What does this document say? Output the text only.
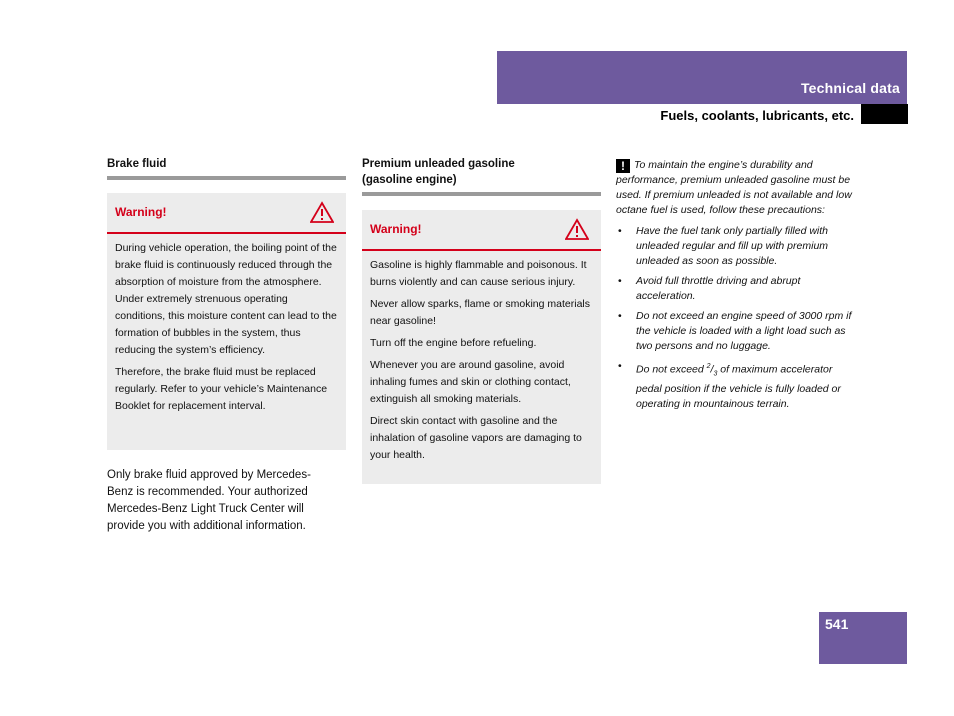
Technical data
Fuels, coolants, lubricants, etc.
Brake fluid
Warning!

During vehicle operation, the boiling point of the brake fluid is continuously reduced through the absorption of moisture from the atmosphere. Under extremely strenuous operating conditions, this moisture content can lead to the formation of bubbles in the system, thus reducing the system’s efficiency.

Therefore, the brake fluid must be replaced regularly. Refer to your vehicle’s Maintenance Booklet for replacement interval.

Only brake fluid approved by Mercedes-Benz is recommended. Your authorized Mercedes-Benz Light Truck Center will provide you with additional information.
Premium unleaded gasoline
(gasoline engine)
Warning!

Gasoline is highly flammable and poisonous. It burns violently and can cause serious injury.

Never allow sparks, flame or smoking materials near gasoline!

Turn off the engine before refueling.

Whenever you are around gasoline, avoid inhaling fumes and skin or clothing contact, extinguish all smoking materials.

Direct skin contact with gasoline and the inhalation of gasoline vapors are damaging to your health.

! To maintain the engine’s durability and performance, premium unleaded gasoline must be used. If premium unleaded is not available and low octane fuel is used, follow these precautions:
• Have the fuel tank only partially filled with unleaded regular and fill up with premium unleaded as soon as possible.
• Avoid full throttle driving and abrupt acceleration.
• Do not exceed an engine speed of 3000 rpm if the vehicle is loaded with a light load such as two persons and no luggage.
• Do not exceed $^2/_3$ of maximum accelerator pedal position if the vehicle is fully loaded or operating in mountainous terrain.
541
